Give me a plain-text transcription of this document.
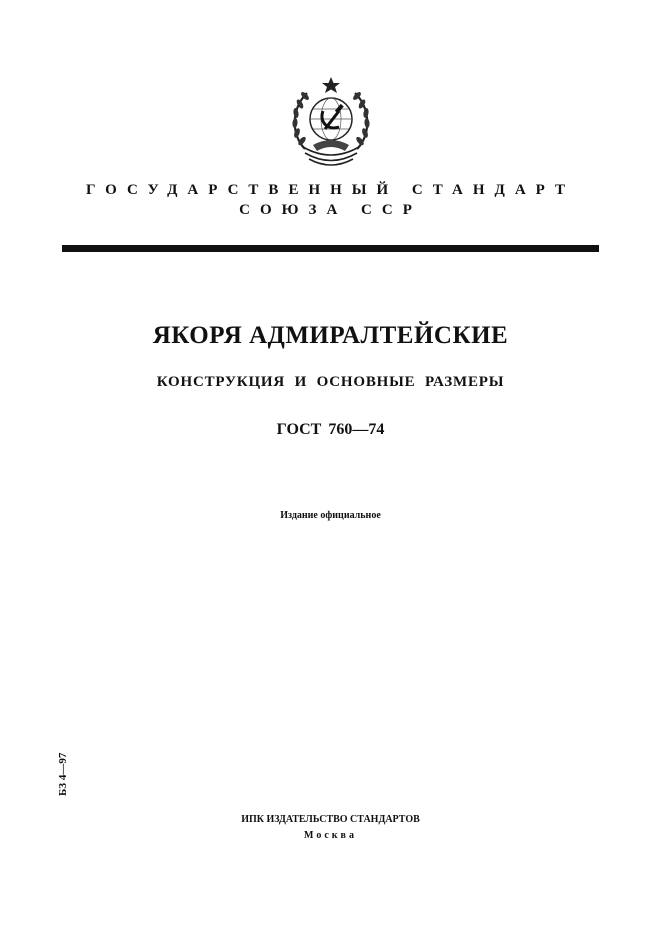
ГОСУДАРСТВЕННЫЙ СТАНДАРТ
СОЮЗА ССР
ЯКОРЯ АДМИРАЛТЕЙСКИЕ
КОНСТРУКЦИЯ И ОСНОВНЫЕ РАЗМЕРЫ
ГОСТ 760—74
Издание официальное
БЗ 4—97
ИПК ИЗДАТЕЛЬСТВО СТАНДАРТОВ
Москва
